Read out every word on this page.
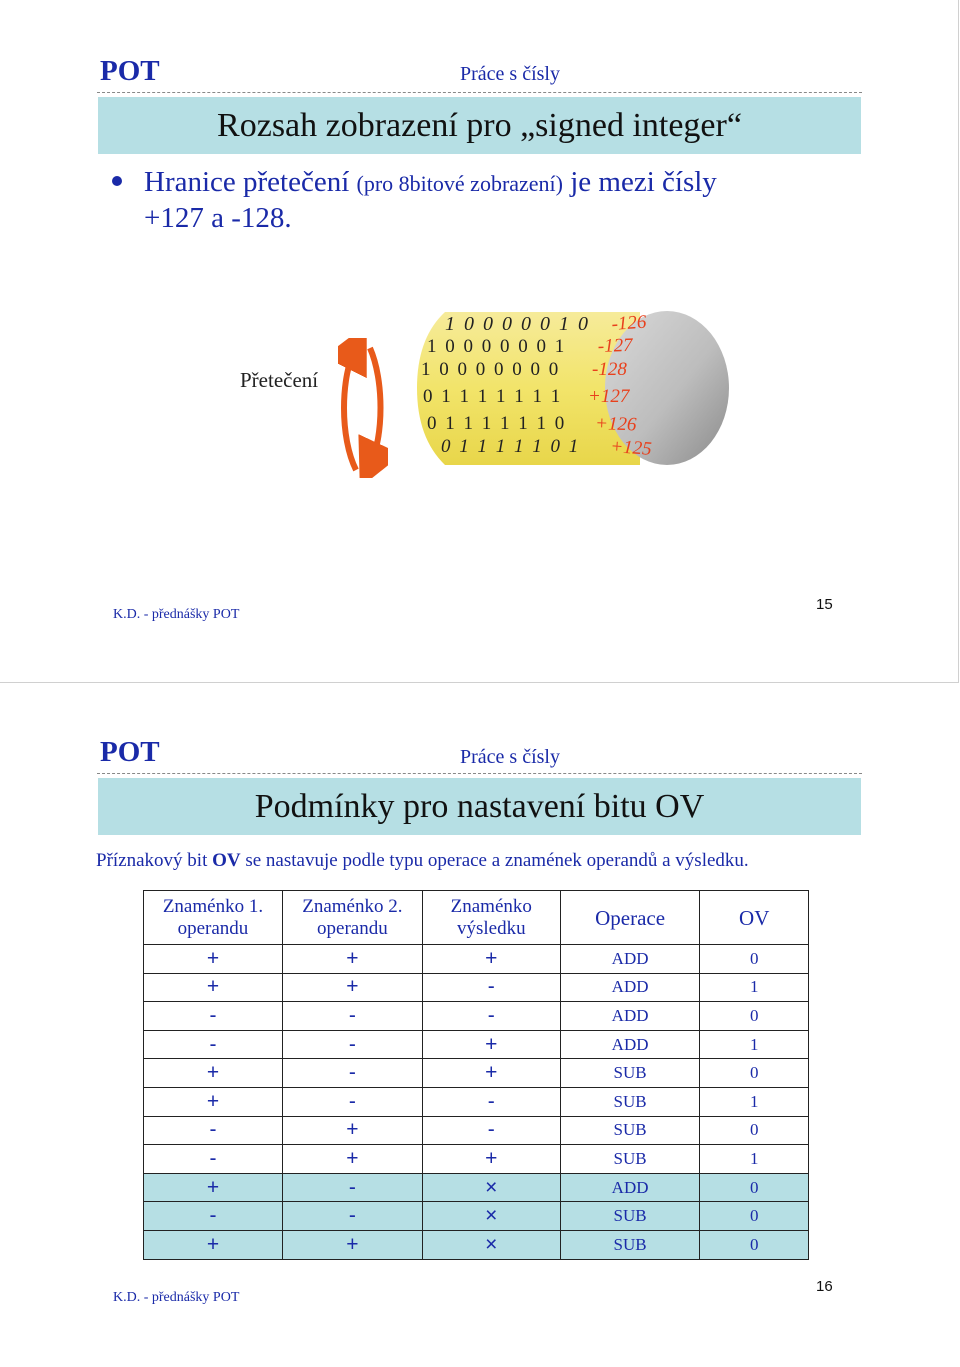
POT	Práce s čísly
Rozsah zobrazení pro „signed integer“
Hranice přetečení (pro 8bitové zobrazení) je mezi čísly
+127 a -128.
Přetečení
1 0 0 0 0 0 1 0 -126
1 0 0 0 0 0 0 1 -127
1 0 0 0 0 0 0 0 -128
0 1 1 1 1 1 1 1 +127
0 1 1 1 1 1 1 0 +126
0 1 1 1 1 1 0 1 +125
K.D. - přednášky POT
15
POT	Práce s čísly
Podmínky pro nastavení bitu OV
Příznakový bit OV se nastavuje podle typu operace a znamének operandů a výsledku.
Znaménko 1.
operandu	Znaménko 2.
operandu	Znaménko
výsledku	Operace	OV
+	+	+	ADD	0
+	+	-	ADD	1
-	-	-	ADD	0
-	-	+	ADD	1
+	-	+	SUB	0
+	-	-	SUB	1
-	+	-	SUB	0
-	+	+	SUB	1
+	-	×	ADD	0
-	-	×	SUB	0
+	+	×	SUB	0
K.D. - přednášky POT
16
